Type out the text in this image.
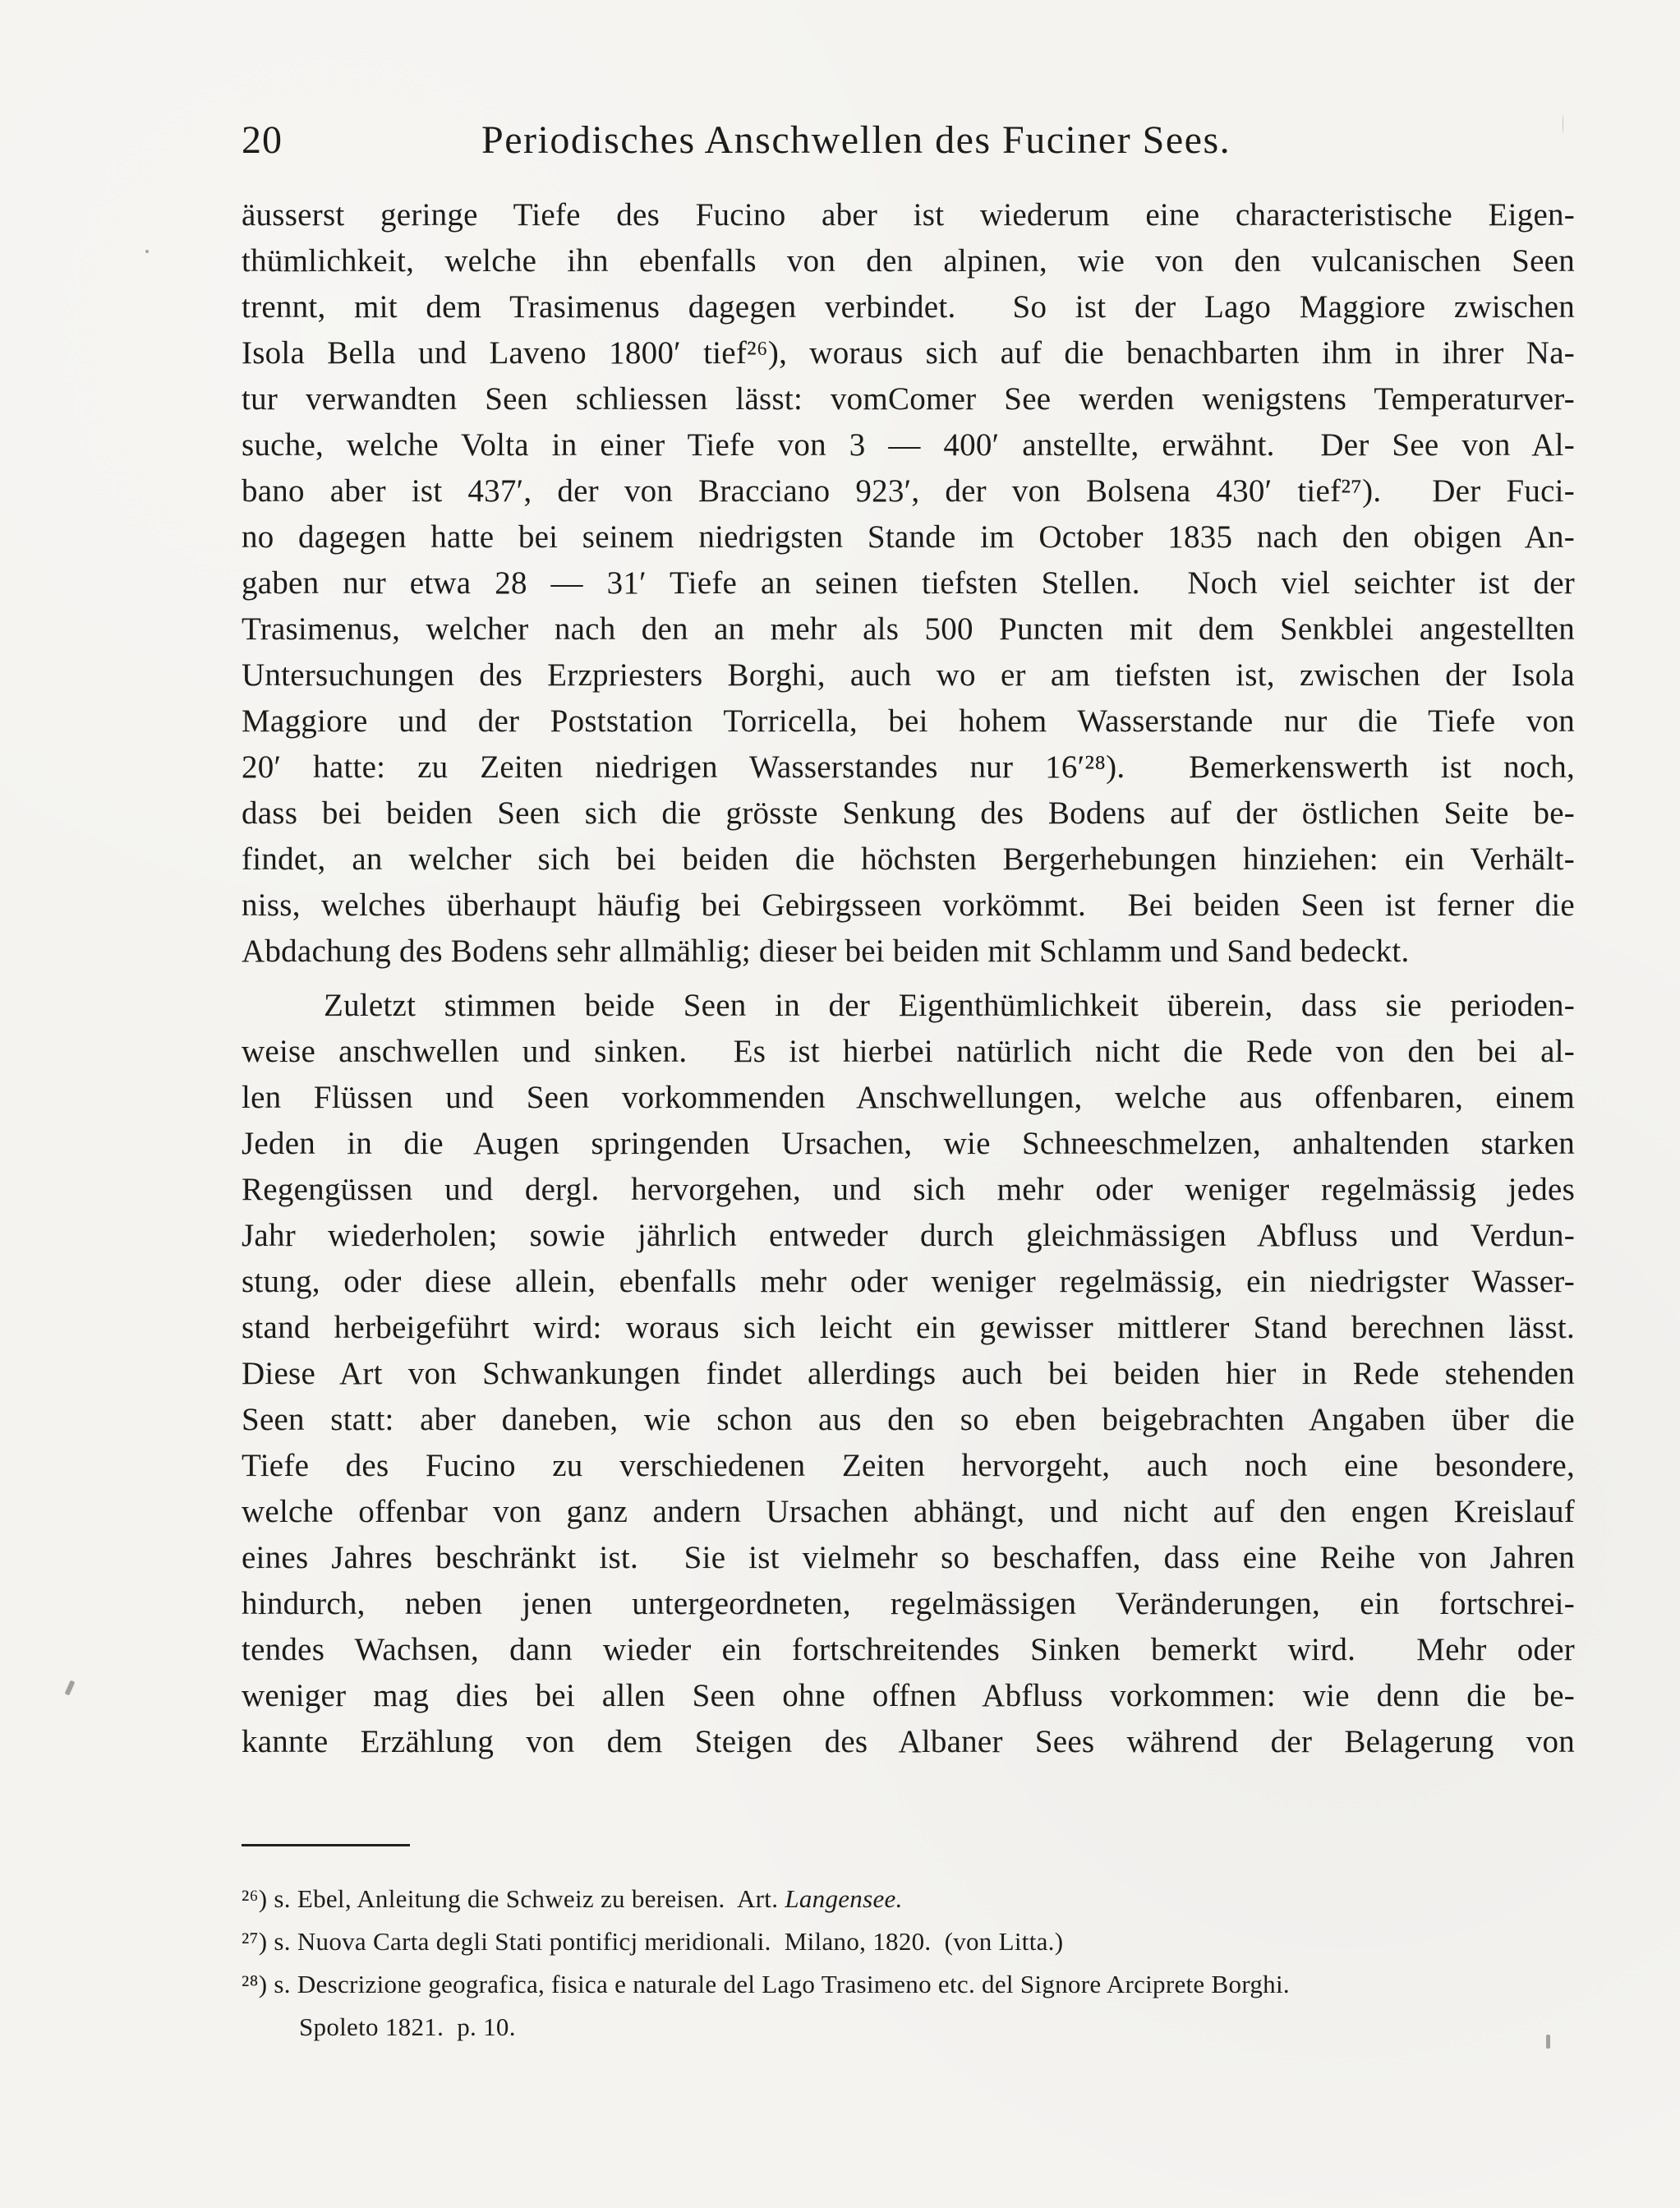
20	Periodisches Anschwellen des Fuciner Sees.
äusserst geringe Tiefe des Fucino aber ist wiederum eine characteristische Eigen-
thümlichkeit, welche ihn ebenfalls von den alpinen, wie von den vulcanischen Seen
trennt, mit dem Trasimenus dagegen verbindet.  So ist der Lago Maggiore zwischen
Isola Bella und Laveno 1800′ tief²⁶), woraus sich auf die benachbarten ihm in ihrer Na-
tur verwandten Seen schliessen lässt: vomComer See werden wenigstens Temperaturver-
suche, welche Volta in einer Tiefe von 3 — 400′ anstellte, erwähnt.  Der See von Al-
bano aber ist 437′, der von Bracciano 923′, der von Bolsena 430′ tief²⁷).  Der Fuci-
no dagegen hatte bei seinem niedrigsten Stande im October 1835 nach den obigen An-
gaben nur etwa 28 — 31′ Tiefe an seinen tiefsten Stellen.  Noch viel seichter ist der
Trasimenus, welcher nach den an mehr als 500 Puncten mit dem Senkblei angestellten
Untersuchungen des Erzpriesters Borghi, auch wo er am tiefsten ist, zwischen der Isola
Maggiore und der Poststation Torricella, bei hohem Wasserstande nur die Tiefe von
20′ hatte: zu Zeiten niedrigen Wasserstandes nur 16′²⁸).  Bemerkenswerth ist noch,
dass bei beiden Seen sich die grösste Senkung des Bodens auf der östlichen Seite be-
findet, an welcher sich bei beiden die höchsten Bergerhebungen hinziehen: ein Verhält-
niss, welches überhaupt häufig bei Gebirgsseen vorkömmt.  Bei beiden Seen ist ferner die
Abdachung des Bodens sehr allmählig; dieser bei beiden mit Schlamm und Sand bedeckt.
Zuletzt stimmen beide Seen in der Eigenthümlichkeit überein, dass sie perioden-
weise anschwellen und sinken.  Es ist hierbei natürlich nicht die Rede von den bei al-
len Flüssen und Seen vorkommenden Anschwellungen, welche aus offenbaren, einem
Jeden in die Augen springenden Ursachen, wie Schneeschmelzen, anhaltenden starken
Regengüssen und dergl. hervorgehen, und sich mehr oder weniger regelmässig jedes
Jahr wiederholen; sowie jährlich entweder durch gleichmässigen Abfluss und Verdun-
stung, oder diese allein, ebenfalls mehr oder weniger regelmässig, ein niedrigster Wasser-
stand herbeigeführt wird: woraus sich leicht ein gewisser mittlerer Stand berechnen lässt.
Diese Art von Schwankungen findet allerdings auch bei beiden hier in Rede stehenden
Seen statt: aber daneben, wie schon aus den so eben beigebrachten Angaben über die
Tiefe des Fucino zu verschiedenen Zeiten hervorgeht, auch noch eine besondere,
welche offenbar von ganz andern Ursachen abhängt, und nicht auf den engen Kreislauf
eines Jahres beschränkt ist.  Sie ist vielmehr so beschaffen, dass eine Reihe von Jahren
hindurch, neben jenen untergeordneten, regelmässigen Veränderungen, ein fortschrei-
tendes Wachsen, dann wieder ein fortschreitendes Sinken bemerkt wird.  Mehr oder
weniger mag dies bei allen Seen ohne offnen Abfluss vorkommen: wie denn die be-
kannte Erzählung von dem Steigen des Albaner Sees während der Belagerung von
²⁶) s. Ebel, Anleitung die Schweiz zu bereisen.  Art. Langensee.
²⁷) s. Nuova Carta degli Stati pontificj meridionali.  Milano, 1820.  (von Litta.)
²⁸) s. Descrizione geografica, fisica e naturale del Lago Trasimeno etc. del Signore Arciprete Borghi.
Spoleto 1821.  p. 10.
